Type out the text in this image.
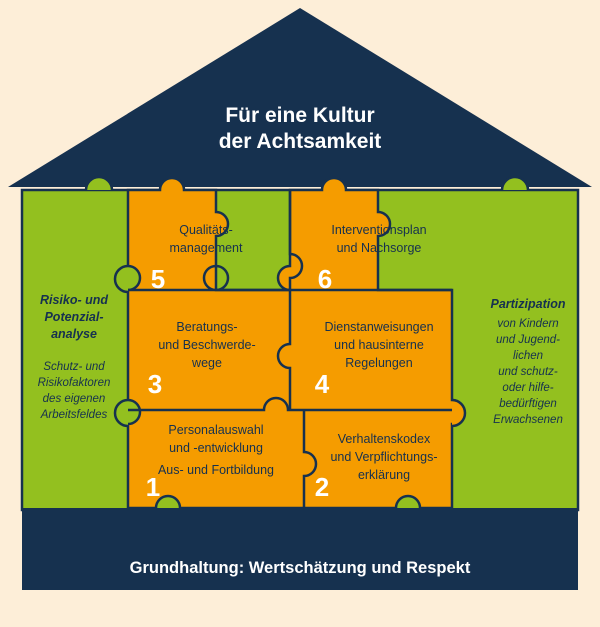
Für eine Kultur
der Achtsamkeit
Risiko- und
Potenzial-
analyse
Schutz- und
Risikofaktoren
des eigenen
Arbeitsfeldes
Partizipation
von Kindern
und Jugend-
lichen
und schutz-
oder hilfe-
bedürftigen
Erwachsenen
Qualitäts-
management
5
Interventionsplan
und Nachsorge
6
Beratungs-
und Beschwerde-
wege
3
Dienstanweisungen
und hausinterne
Regelungen
4
Personalauswahl
und -entwicklung
Aus- und Fortbildung
1
Verhaltenskodex
und Verpflichtungs-
erklärung
2
Grundhaltung: Wertschätzung und Respekt
